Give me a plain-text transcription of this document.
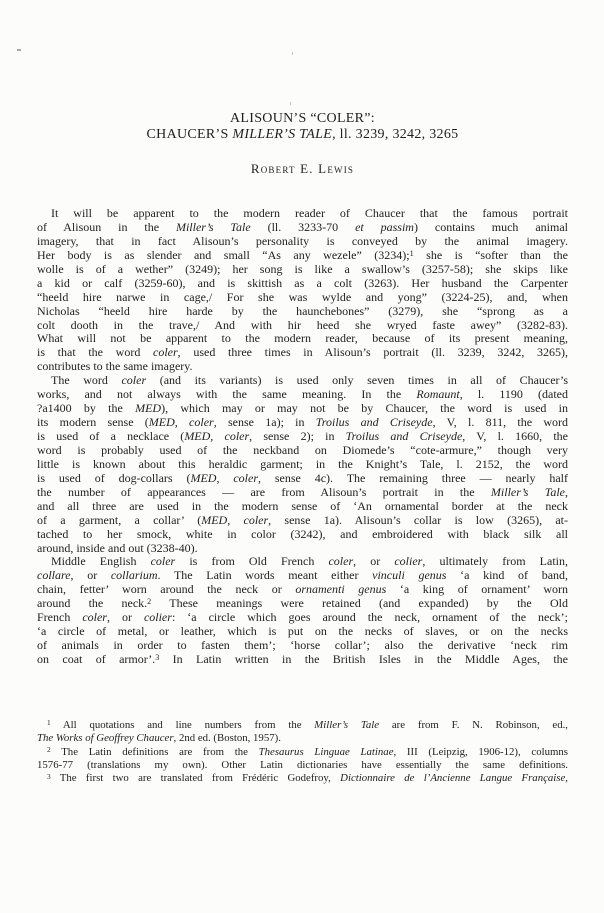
ALISOUN’S “COLER”:
CHAUCER’S MILLER’S TALE, ll. 3239, 3242, 3265
Robert E. Lewis
It will be apparent to the modern reader of Chaucer that the famous portrait
of Alisoun in the Miller’s Tale (ll. 3233-70 et passim) contains much animal
imagery, that in fact Alisoun’s personality is conveyed by the animal imagery.
Her body is as slender and small “As any wezele” (3234);$^1$ she is “softer than the
wolle is of a wether” (3249); her song is like a swallow’s (3257-58); she skips like
a kid or calf (3259-60), and is skittish as a colt (3263). Her husband the Carpenter
“heeld hire narwe in cage,/ For she was wylde and yong” (3224-25), and, when
Nicholas “heeld hire harde by the haunchebones” (3279), she “sprong as a
colt dooth in the trave,/ And with hir heed she wryed faste awey” (3282-83).
What will not be apparent to the modern reader, because of its present meaning,
is that the word coler, used three times in Alisoun’s portrait (ll. 3239, 3242, 3265),
contributes to the same imagery.
The word coler (and its variants) is used only seven times in all of Chaucer’s
works, and not always with the same meaning. In the Romaunt, l. 1190 (dated
?a1400 by the MED), which may or may not be by Chaucer, the word is used in
its modern sense (MED, coler, sense 1a); in Troilus and Criseyde, V, l. 811, the word
is used of a necklace (MED, coler, sense 2); in Troilus and Criseyde, V, l. 1660, the
word is probably used of the neckband on Diomede’s “cote-armure,” though very
little is known about this heraldic garment; in the Knight’s Tale, l. 2152, the word
is used of dog-collars (MED, coler, sense 4c). The remaining three — nearly half
the number of appearances — are from Alisoun’s portrait in the Miller’s Tale,
and all three are used in the modern sense of ‘An ornamental border at the neck
of a garment, a collar’ (MED, coler, sense 1a). Alisoun’s collar is low (3265), at-
tached to her smock, white in color (3242), and embroidered with black silk all
around, inside and out (3238-40).
Middle English coler is from Old French coler, or colier, ultimately from Latin,
collare, or collarium. The Latin words meant either vinculi genus ‘a kind of band,
chain, fetter’ worn around the neck or ornamenti genus ‘a king of ornament’ worn
around the neck.$^2$ These meanings were retained (and expanded) by the Old
French coler, or colier: ‘a circle which goes around the neck, ornament of the neck’;
‘a circle of metal, or leather, which is put on the necks of slaves, or on the necks
of animals in order to fasten them’; ‘horse collar’; also the derivative ‘neck rim
on coat of armor’.$^3$ In Latin written in the British Isles in the Middle Ages, the
$^1$ All quotations and line numbers from the Miller’s Tale are from F. N. Robinson, ed.,
The Works of Geoffrey Chaucer, 2nd ed. (Boston, 1957).
$^2$ The Latin definitions are from the Thesaurus Linguae Latinae, III (Leipzig, 1906-12), columns
1576-77 (translations my own). Other Latin dictionaries have essentially the same definitions.
$^3$ The first two are translated from Frédéric Godefroy, Dictionnaire de l’Ancienne Langue Française,
